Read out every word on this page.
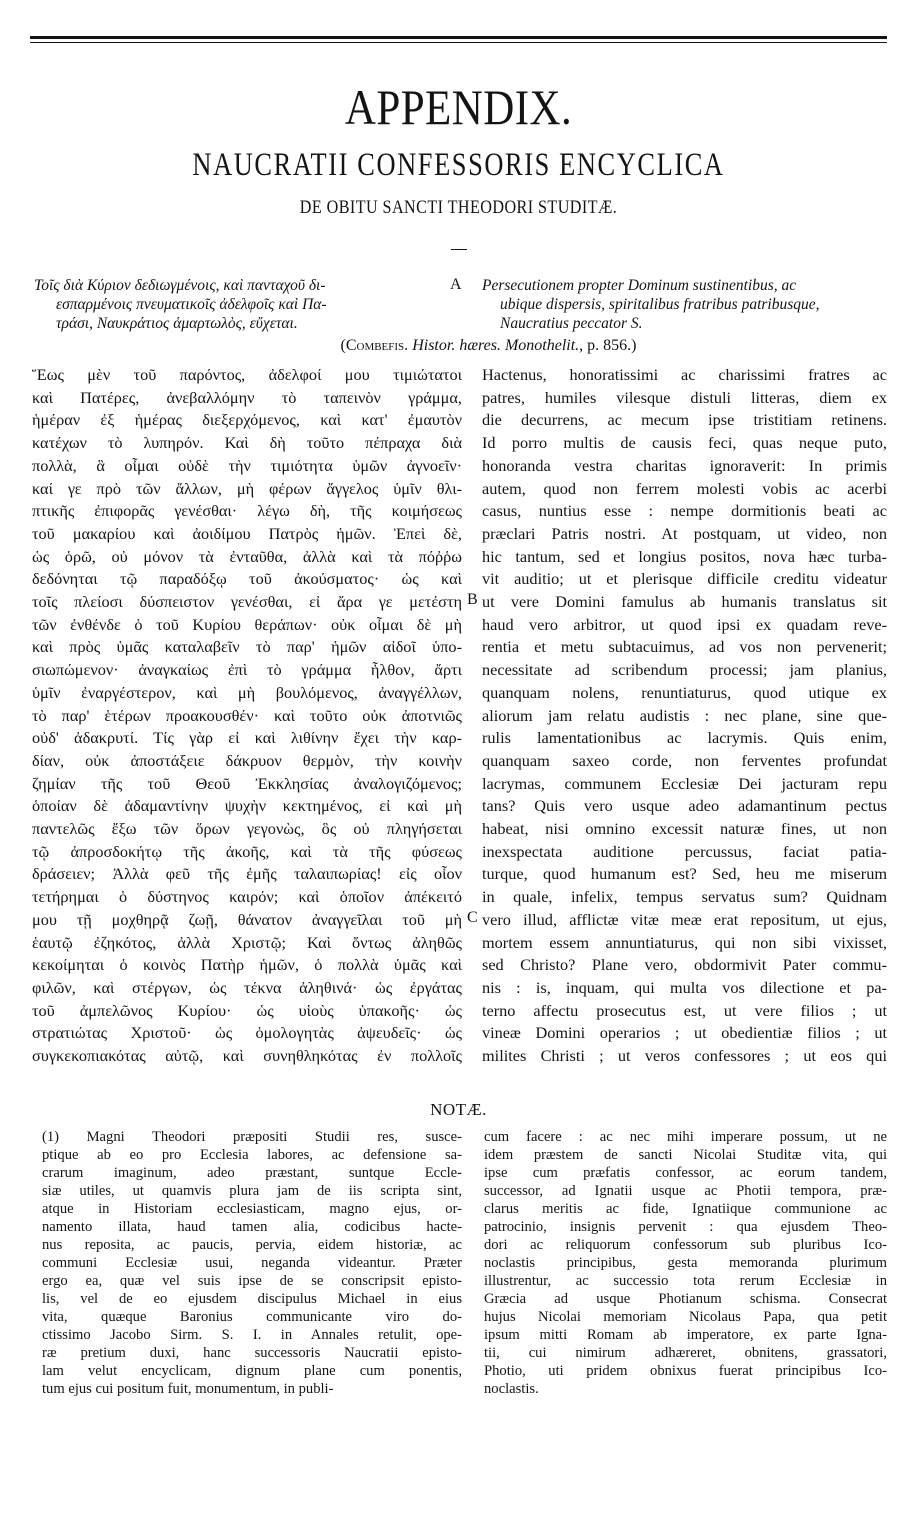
APPENDIX.
NAUCRATII CONFESSORIS ENCYCLICA
DE OBITU SANCTI THEODORI STUDITÆ.
Τοῖς διὰ Κύριον δεδιωγμένοις, καὶ πανταχοῦ δι-
εσπαρμένοις πνευματικοῖς ἀδελφοῖς καὶ Πα-
τράσι, Ναυκράτιος ἁμαρτωλὸς, εὔχεται.
A Persecutionem propter Dominum sustinentibus, ac
ubique dispersis, spiritalibus fratribus patribusque,
Naucratius peccator S.
(Combefis. Histor. hæres. Monothelit., p. 856.)
Ἕως μὲν τοῦ παρόντος, ἀδελφοί μου τιμιώτατοι
καὶ Πατέρες, ἀνεβαλλόμην τὸ ταπεινὸν γράμμα,
ἡμέραν ἐξ ἡμέρας διεξερχόμενος, καὶ κατ' ἐμαυτὸν
κατέχων τὸ λυπηρόν. Καὶ δὴ τοῦτο πέπραχα διὰ
πολλὰ, ἃ οἶμαι οὐδὲ τὴν τιμιότητα ὑμῶν ἀγνοεῖν·
καί γε πρὸ τῶν ἄλλων, μὴ φέρων ἄγγελος ὑμῖν θλι-
πτικῆς ἐπιφορᾶς γενέσθαι· λέγω δὴ, τῆς κοιμήσεως
τοῦ μακαρίου καὶ ἀοιδίμου Πατρὸς ἡμῶν. Ἐπεὶ δὲ,
ὡς ὁρῶ, οὐ μόνον τὰ ἐνταῦθα, ἀλλὰ καὶ τὰ πόῤῥω
δεδόνηται τῷ παραδόξῳ τοῦ ἀκούσματος· ὡς καὶ
τοῖς πλείοσι δύσπειστον γενέσθαι, εἰ ἄρα γε μετέστη
τῶν ἐνθένδε ὁ τοῦ Κυρίου θεράπων· οὐκ οἶμαι δὲ μὴ
καὶ πρὸς ὑμᾶς καταλαβεῖν τὸ παρ' ἡμῶν αἰδοῖ ὑπο-
σιωπώμενον· ἀναγκαίως ἐπὶ τὸ γράμμα ἦλθον, ἄρτι
ὑμῖν ἐναργέστερον, καὶ μὴ βουλόμενος, ἀναγγέλλων,
τὸ παρ' ἑτέρων προακουσθέν· καὶ τοῦτο οὐκ ἀποτνιῶς
οὐδ' ἀδακρυτί. Τίς γὰρ εἰ καὶ λιθίνην ἔχει τὴν καρ-
δίαν, οὐκ ἀποστάξειε δάκρυον θερμὸν, τὴν κοινὴν
ζημίαν τῆς τοῦ Θεοῦ Ἐκκλησίας ἀναλογιζόμενος;
ὁποίαν δὲ ἀδαμαντίνην ψυχὴν κεκτημένος, εἰ καὶ μὴ
παντελῶς ἔξω τῶν ὅρων γεγονὼς, ὃς οὐ πληγήσεται
τῷ ἀπροσδοκήτῳ τῆς ἀκοῆς, καὶ τὰ τῆς φύσεως
δράσειεν; Ἀλλὰ φεῦ τῆς ἐμῆς ταλαιπωρίας! εἰς οἷον
τετήρημαι ὁ δύστηνος καιρόν; καὶ ὁποῖον ἀπέκειτό
μου τῇ μοχθηρᾷ ζωῇ, θάνατον ἀναγγεῖλαι τοῦ μὴ
ἑαυτῷ ἐζηκότος, ἀλλὰ Χριστῷ; Καὶ ὄντως ἀληθῶς
κεκοίμηται ὁ κοινὸς Πατὴρ ἡμῶν, ὁ πολλὰ ὑμᾶς καὶ
φιλῶν, καὶ στέργων, ὡς τέκνα ἀληθινά· ὡς ἐργάτας
τοῦ ἀμπελῶνος Κυρίου· ὡς υἱοὺς ὑπακοῆς· ὡς
στρατιώτας Χριστοῦ· ὡς ὁμολογητὰς ἀψευδεῖς· ὡς
συγκεκοπιακότας αὐτῷ, καὶ συνηθληκότας ἐν πολλοῖς
B
C
Hactenus, honoratissimi ac charissimi fratres ac
patres, humiles vilesque distuli litteras, diem ex
die decurrens, ac mecum ipse tristitiam retinens.
Id porro multis de causis feci, quas neque puto,
honoranda vestra charitas ignoraverit: In primis
autem, quod non ferrem molesti vobis ac acerbi
casus, nuntius esse : nempe dormitionis beati ac
præclari Patris nostri. At postquam, ut video, non
hic tantum, sed et longius positos, nova hæc turba-
vit auditio; ut et plerisque difficile creditu videatur
ut vere Domini famulus ab humanis translatus sit
haud vero arbitror, ut quod ipsi ex quadam reve-
rentia et metu subtacuimus, ad vos non pervenerit;
necessitate ad scribendum processi; jam planius,
quanquam nolens, renuntiaturus, quod utique ex
aliorum jam relatu audistis : nec plane, sine que-
rulis lamentationibus ac lacrymis. Quis enim,
quanquam saxeo corde, non ferventes profundat
lacrymas, communem Ecclesiæ Dei jacturam repu
tans? Quis vero usque adeo adamantinum pectus
habeat, nisi omnino excessit naturæ fines, ut non
inexspectata auditione percussus, faciat patia-
turque, quod humanum est? Sed, heu me miserum
in quale, infelix, tempus servatus sum? Quidnam
vero illud, afflictæ vitæ meæ erat repositum, ut ejus,
mortem essem annuntiaturus, qui non sibi vixisset,
sed Christo? Plane vero, obdormivit Pater commu-
nis : is, inquam, qui multa vos dilectione et pa-
terno affectu prosecutus est, ut vere filios ; ut
vineæ Domini operarios ; ut obedientiæ filios ; ut
milites Christi ; ut veros confessores ; ut eos qui
NOTÆ.
(1) Magni Theodori præpositi Studii res, susce-
ptique ab eo pro Ecclesia labores, ac defensione sa-
crarum imaginum, adeo præstant, suntque Eccle-
siæ utiles, ut quamvis plura jam de iis scripta sint,
atque in Historiam ecclesiasticam, magno ejus, or-
namento illata, haud tamen alia, codicibus hacte-
nus reposita, ac paucis, pervia, eidem historiæ, ac
communi Ecclesiæ usui, neganda videantur. Præter
ergo ea, quæ vel suis ipse de se conscripsit episto-
lis, vel de eo ejusdem discipulus Michael in eius
vita, quæque Baronius communicante viro do-
ctissimo Jacobo Sirm. S. I. in Annales retulit, ope-
ræ pretium duxi, hanc successoris Naucratii episto-
lam velut encyclicam, dignum plane cum ponentis,
tum ejus cui positum fuit, monumentum, in publi-
cum facere : ac nec mihi imperare possum, ut ne
idem præstem de sancti Nicolai Studitæ vita, qui
ipse cum præfatis confessor, ac eorum tandem,
successor, ad Ignatii usque ac Photii tempora, præ-
clarus meritis ac fide, Ignatiique communione ac
patrocinio, insignis pervenit : qua ejusdem Theo-
dori ac reliquorum confessorum sub pluribus Ico-
noclastis principibus, gesta memoranda plurimum
illustrentur, ac successio tota rerum Ecclesiæ in
Græcia ad usque Photianum schisma. Consecrat
hujus Nicolai memoriam Nicolaus Papa, qua petit
ipsum mitti Romam ab imperatore, ex parte Igna-
tii, cui nimirum adhæreret, obnitens, grassatori,
Photio, uti pridem obnixus fuerat principibus Ico-
noclastis.
